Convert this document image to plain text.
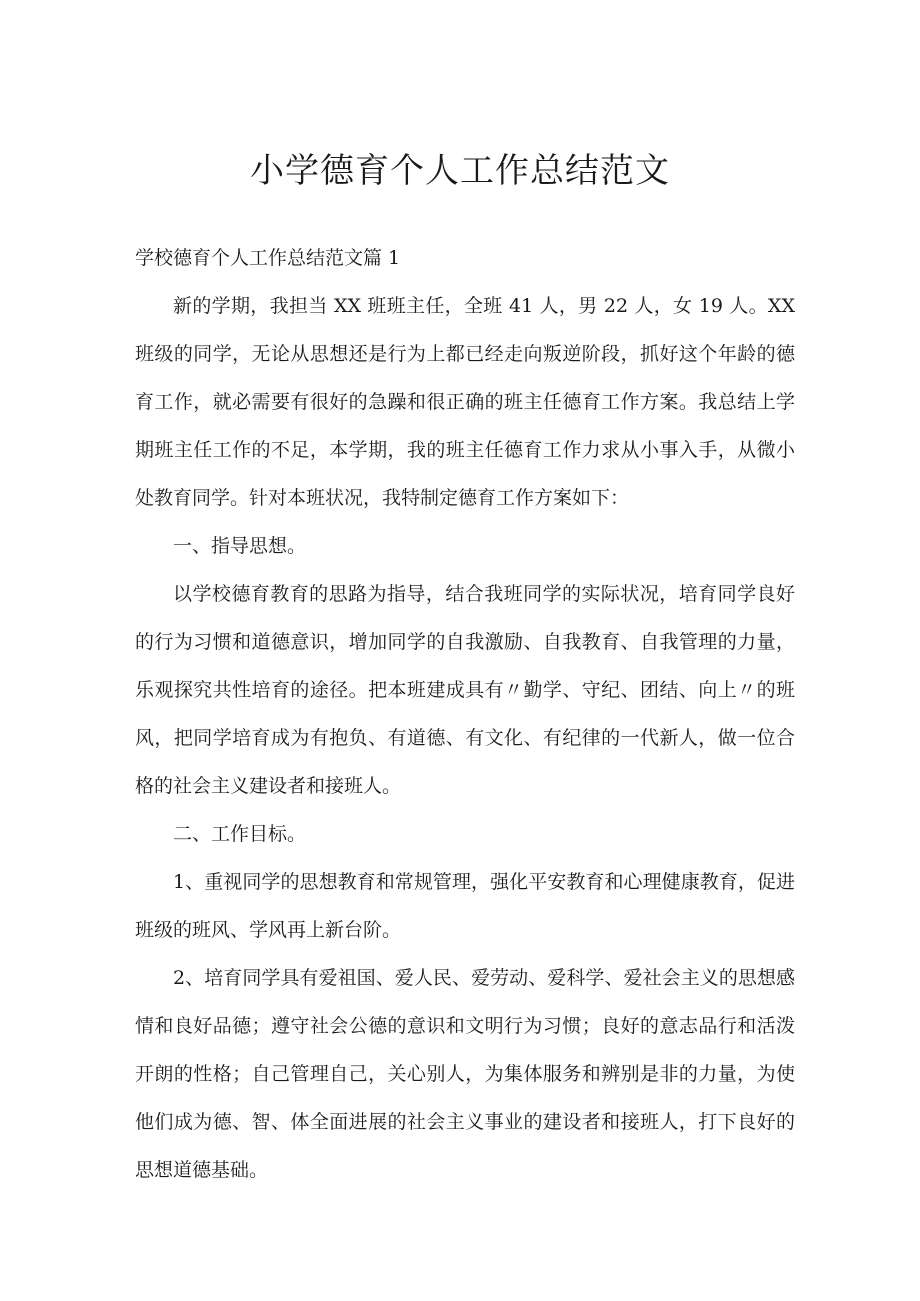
小学德育个人工作总结范文

学校德育个人工作总结范文篇 1

新的学期，我担当 XX 班班主任，全班 41 人，男 22 人，女 19 人。XX 班级的同学，无论从思想还是行为上都已经走向叛逆阶段，抓好这个年龄的德育工作，就必需要有很好的急躁和很正确的班主任德育工作方案。我总结上学期班主任工作的不足，本学期，我的班主任德育工作力求从小事入手，从微小处教育同学。针对本班状况，我特制定德育工作方案如下：

一、指导思想。

以学校德育教育的思路为指导，结合我班同学的实际状况，培育同学良好的行为习惯和道德意识，增加同学的自我激励、自我教育、自我管理的力量，乐观探究共性培育的途径。把本班建成具有〃勤学、守纪、团结、向上〃的班风，把同学培育成为有抱负、有道德、有文化、有纪律的一代新人，做一位合格的社会主义建设者和接班人。

二、工作目标。

1、重视同学的思想教育和常规管理，强化平安教育和心理健康教育，促进班级的班风、学风再上新台阶。

2、培育同学具有爱祖国、爱人民、爱劳动、爱科学、爱社会主义的思想感情和良好品德；遵守社会公德的意识和文明行为习惯；良好的意志品行和活泼开朗的性格；自己管理自己，关心别人，为集体服务和辨别是非的力量，为使他们成为德、智、体全面进展的社会主义事业的建设者和接班人，打下良好的思想道德基础。
